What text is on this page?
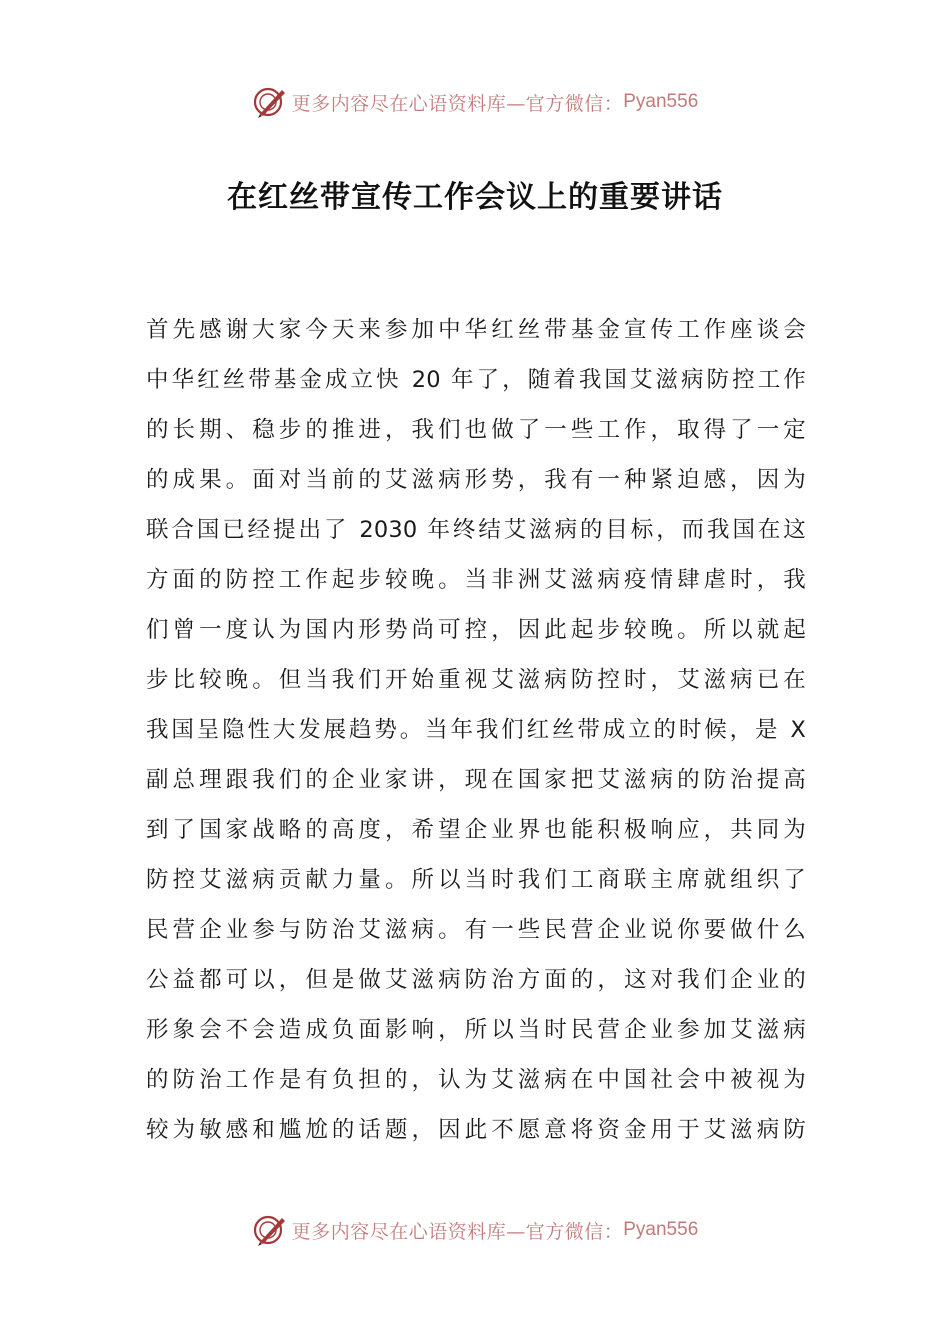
更多内容尽在心语资料库—官方微信： Pyan556
在红丝带宣传工作会议上的重要讲话
首先感谢大家今天来参加中华红丝带基金宣传工作座谈会
中华红丝带基金成立快 20 年了，随着我国艾滋病防控工作
的长期、稳步的推进，我们也做了一些工作，取得了一定
的成果。面对当前的艾滋病形势，我有一种紧迫感，因为
联合国已经提出了 2030 年终结艾滋病的目标，而我国在这
方面的防控工作起步较晚。当非洲艾滋病疫情肆虐时，我
们曾一度认为国内形势尚可控，因此起步较晚。所以就起
步比较晚。但当我们开始重视艾滋病防控时，艾滋病已在
我国呈隐性大发展趋势。当年我们红丝带成立的时候，是 X
副总理跟我们的企业家讲，现在国家把艾滋病的防治提高
到了国家战略的高度，希望企业界也能积极响应，共同为
防控艾滋病贡献力量。所以当时我们工商联主席就组织了
民营企业参与防治艾滋病。有一些民营企业说你要做什么
公益都可以，但是做艾滋病防治方面的，这对我们企业的
形象会不会造成负面影响，所以当时民营企业参加艾滋病
的防治工作是有负担的，认为艾滋病在中国社会中被视为
较为敏感和尴尬的话题，因此不愿意将资金用于艾滋病防
更多内容尽在心语资料库—官方微信： Pyan556
